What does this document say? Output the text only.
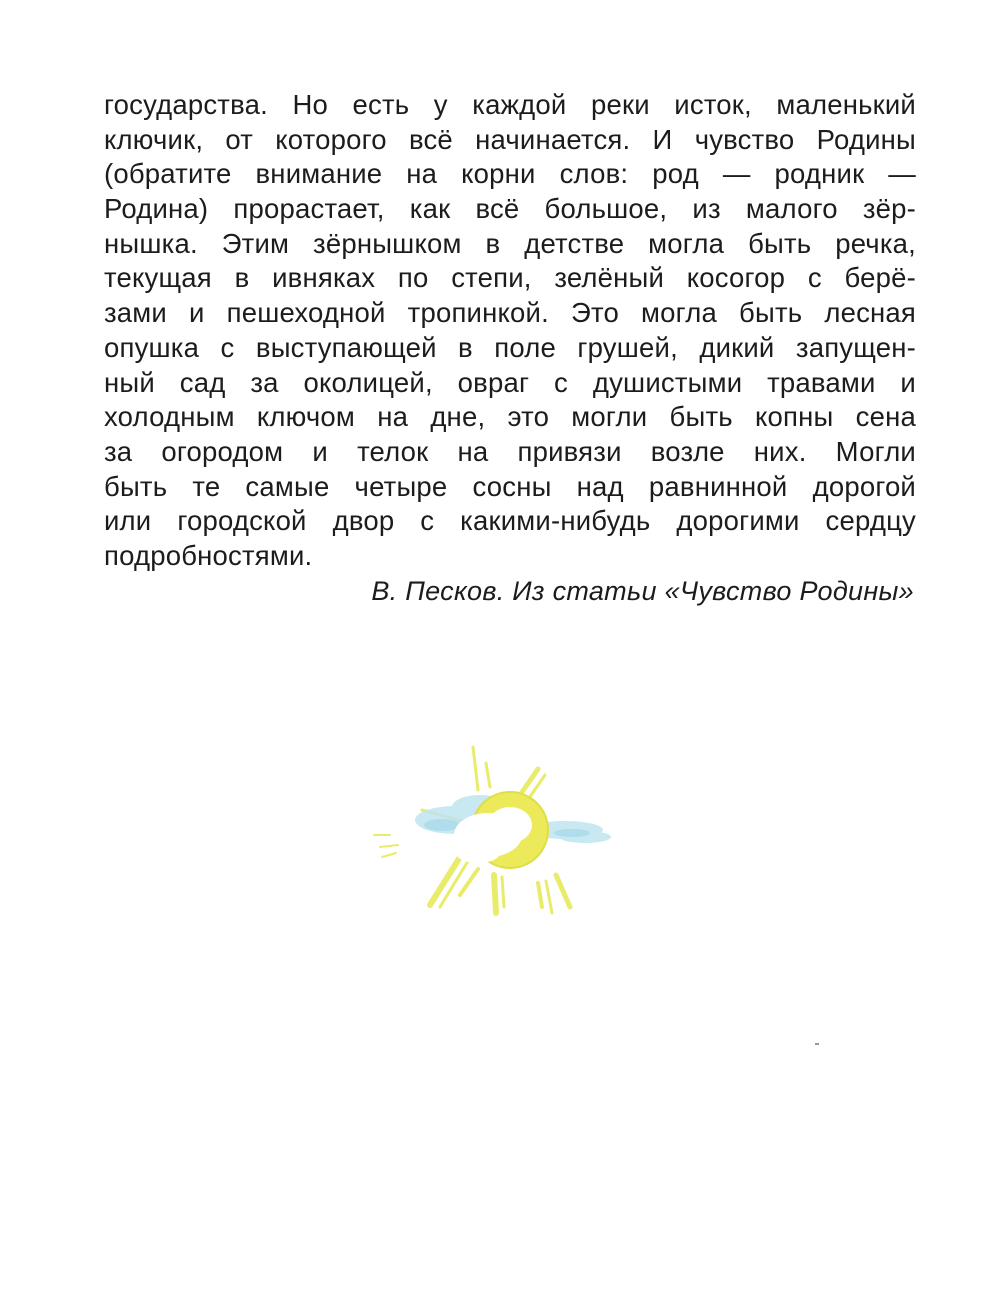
государства. Но есть у каждой реки исток, маленький
ключик, от которого всё начинается. И чувство Родины
(обратите внимание на корни слов: род — родник —
Родина) прорастает, как всё большое, из малого зёр-
нышка. Этим зёрнышком в детстве могла быть речка,
текущая в ивняках по степи, зелёный косогор с берё-
зами и пешеходной тропинкой. Это могла быть лесная
опушка с выступающей в поле грушей, дикий запущен-
ный сад за околицей, овраг с душистыми травами и
холодным ключом на дне, это могли быть копны сена
за огородом и телок на привязи возле них. Могли
быть те самые четыре сосны над равнинной дорогой
или городской двор с какими-нибудь дорогими сердцу
подробностями.
В. Песков. Из статьи «Чувство Родины»
